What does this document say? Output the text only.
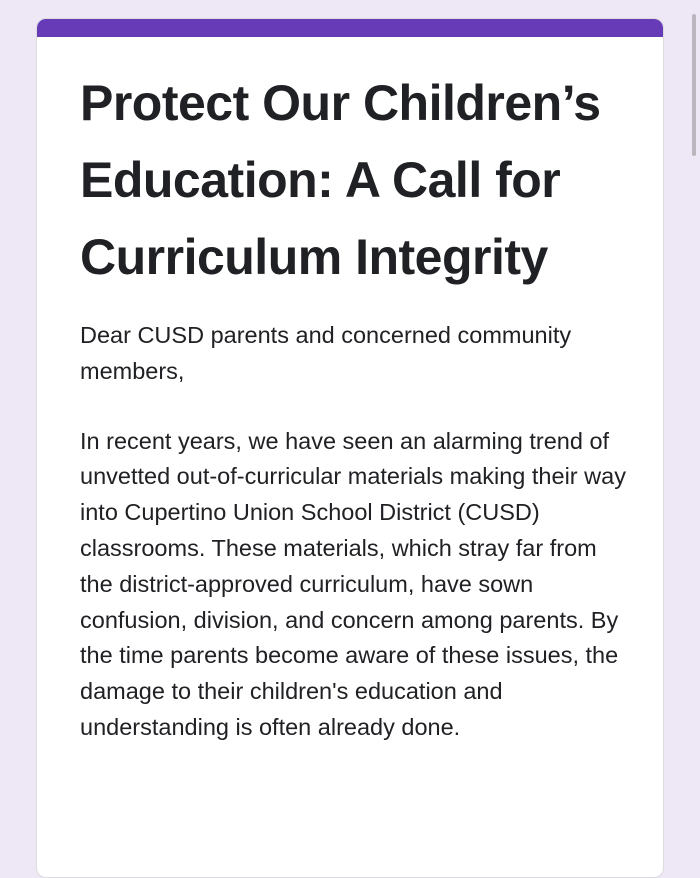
Protect Our Children’s Education: A Call for Curriculum Integrity

Dear CUSD parents and concerned community members,

In recent years, we have seen an alarming trend of unvetted out-of-curricular materials making their way into Cupertino Union School District (CUSD) classrooms. These materials, which stray far from the district-approved curriculum, have sown confusion, division, and concern among parents. By the time parents become aware of these issues, the damage to their children's education and understanding is often already done.
